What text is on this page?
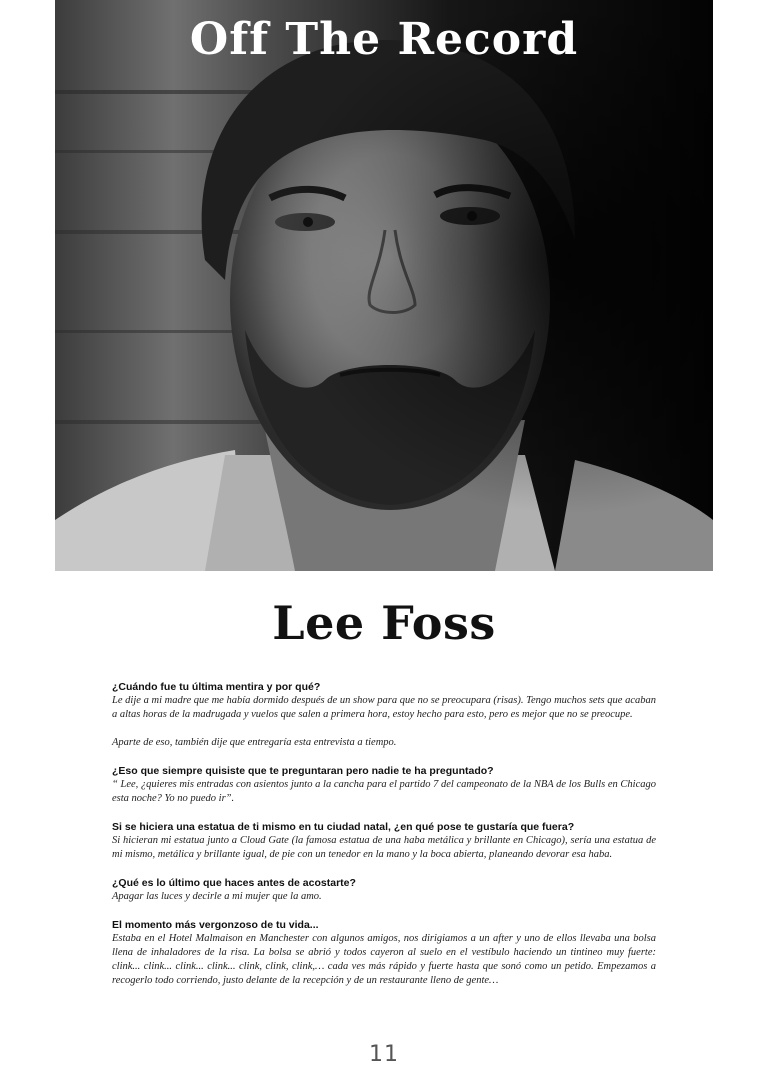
Off The Record
Lee Foss

¿Cuándo fue tu última mentira y por qué?

Le dije a mi madre que me había dormido después de un show para que no se preocupara (risas). Tengo muchos sets que acaban a altas horas de la madrugada y vuelos que salen a primera hora, estoy hecho para esto, pero es mejor que no se preocupe.

Aparte de eso, también dije que entregaría esta entrevista a tiempo.

¿Eso que siempre quisiste que te preguntaran pero nadie te ha preguntado?

“ Lee, ¿quieres mis entradas con asientos junto a la cancha para el partido 7 del campeonato de la NBA de los Bulls en Chicago esta noche? Yo no puedo ir”.

Si se hiciera una estatua de ti mismo en tu ciudad natal, ¿en qué pose te gustaría que fuera?

Si hicieran mi estatua junto a Cloud Gate (la famosa estatua de una haba metálica y brillante en Chicago), sería una estatua de mi mismo, metálica y brillante igual, de pie con un tenedor en la mano y la boca abierta, planeando devorar esa haba.

¿Qué es lo último que haces antes de acostarte?

Apagar las luces y decirle a mi mujer que la amo.

El momento más vergonzoso de tu vida...

Estaba en el Hotel Malmaison en Manchester con algunos amigos, nos dirigiamos a un after y uno de ellos llevaba una bolsa llena de inhaladores de la risa. La bolsa se abrió y todos cayeron al suelo en el vestíbulo haciendo un tintineo muy fuerte: clink... clink... clink... clink... clink, clink, clink,… cada ves más rápido y fuerte hasta que sonó como un petido. Empezamos a recogerlo todo corriendo, justo delante de la recepción y de un restaurante lleno de gente…

11
